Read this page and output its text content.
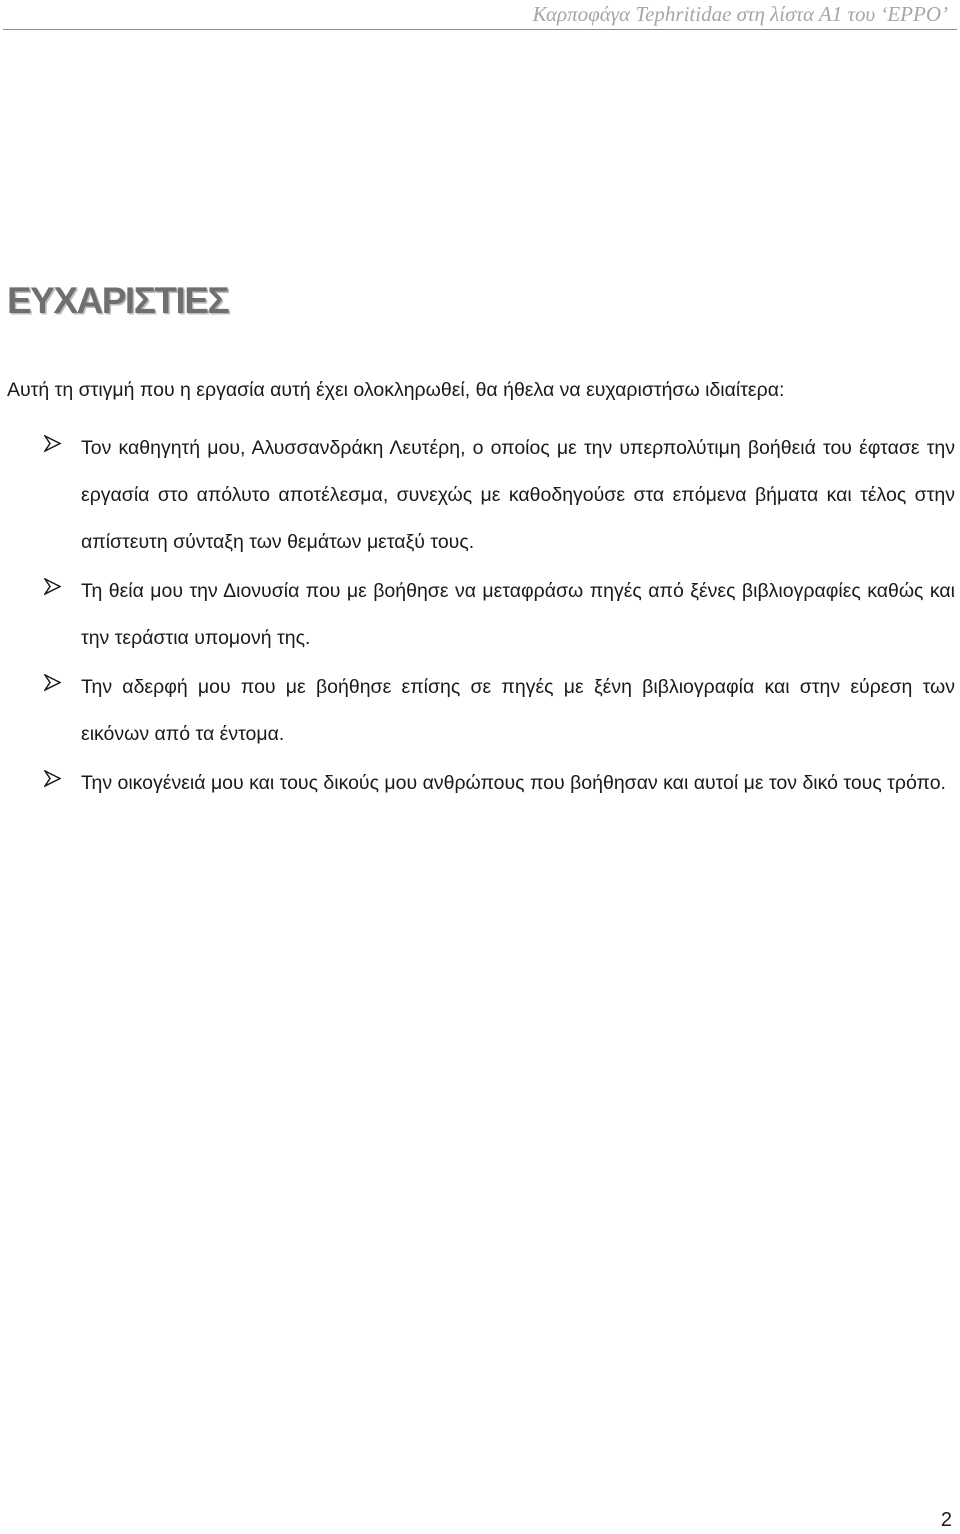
Καρποφάγα Tephritidae στη λίστα Α1 του ‘EPPO’
ΕΥΧΑΡΙΣΤΙΕΣ

Αυτή τη στιγμή που η εργασία αυτή έχει ολοκληρωθεί, θα ήθελα να ευχαριστήσω ιδιαίτερα:

Τον καθηγητή μου, Αλυσσανδράκη Λευτέρη, ο οποίος με την υπερπολύτιμη βοήθειά του έφτασε την εργασία στο απόλυτο αποτέλεσμα, συνεχώς με καθοδηγούσε στα επόμενα βήματα και τέλος στην απίστευτη σύνταξη των θεμάτων μεταξύ τους.
Τη θεία μου την Διονυσία που με βοήθησε να μεταφράσω πηγές από ξένες βιβλιογραφίες καθώς και την τεράστια υπομονή της.
Την αδερφή μου που με βοήθησε επίσης σε πηγές με ξένη βιβλιογραφία και στην εύρεση των εικόνων από τα έντομα.
Την οικογένειά μου και τους δικούς μου ανθρώπους που βοήθησαν και αυτοί με τον δικό τους τρόπο.
2
